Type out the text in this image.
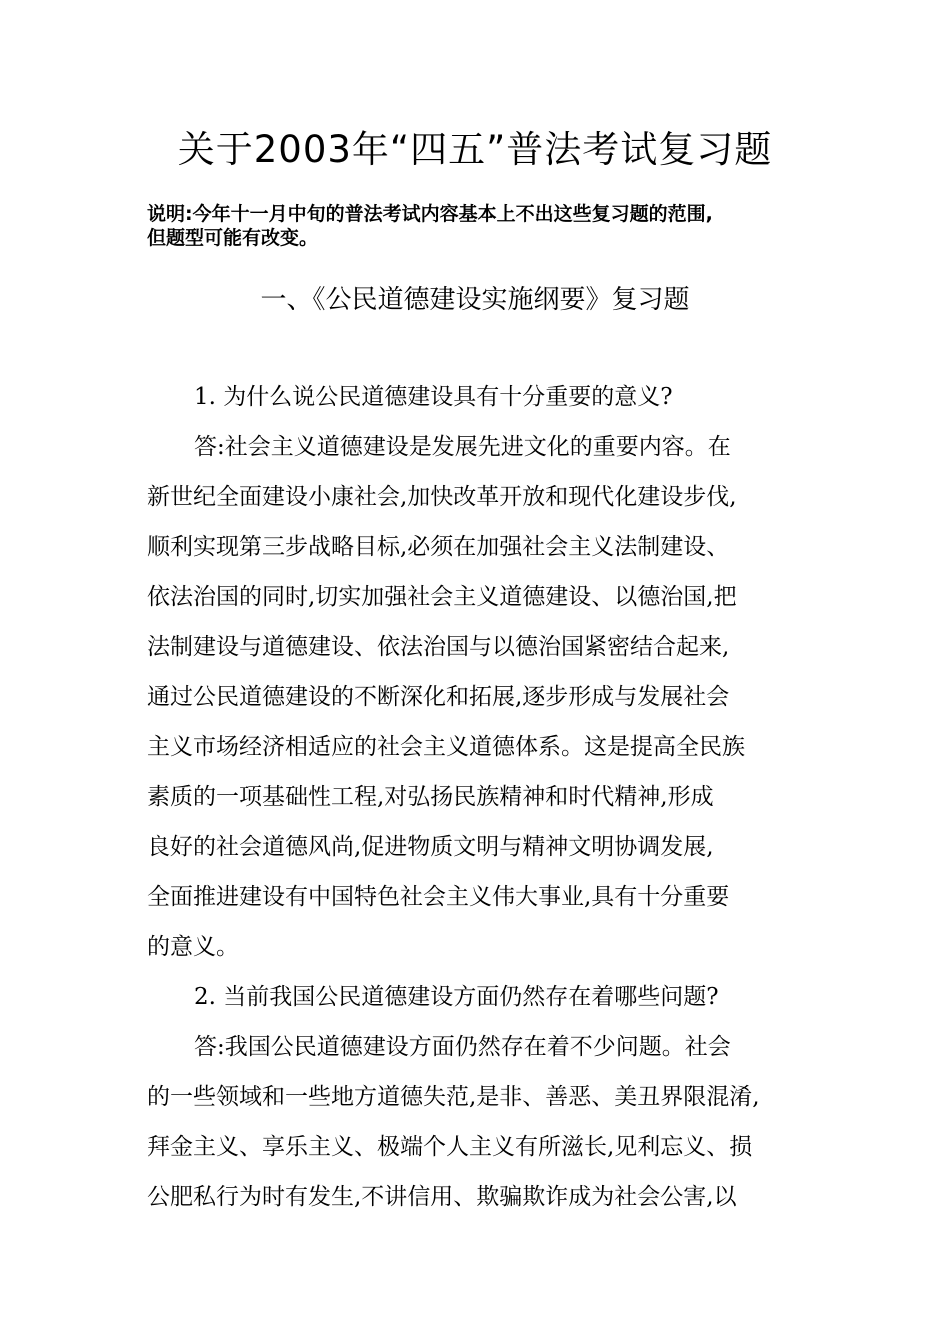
关于2003年“四五”普法考试复习题

说明:今年十一月中旬的普法考试内容基本上不出这些复习题的范围,

但题型可能有改变。

一、《公民道德建设实施纲要》复习题

1. 为什么说公民道德建设具有十分重要的意义?

答:社会主义道德建设是发展先进文化的重要内容。在

新世纪全面建设小康社会,加快改革开放和现代化建设步伐,

顺利实现第三步战略目标,必须在加强社会主义法制建设、

依法治国的同时,切实加强社会主义道德建设、以德治国,把

法制建设与道德建设、依法治国与以德治国紧密结合起来,

通过公民道德建设的不断深化和拓展,逐步形成与发展社会

主义市场经济相适应的社会主义道德体系。这是提高全民族

素质的一项基础性工程,对弘扬民族精神和时代精神,形成

良好的社会道德风尚,促进物质文明与精神文明协调发展,

全面推进建设有中国特色社会主义伟大事业,具有十分重要

的意义。

2. 当前我国公民道德建设方面仍然存在着哪些问题?

答:我国公民道德建设方面仍然存在着不少问题。社会

的一些领域和一些地方道德失范,是非、善恶、美丑界限混淆,

拜金主义、享乐主义、极端个人主义有所滋长,见利忘义、损

公肥私行为时有发生,不讲信用、欺骗欺诈成为社会公害,以
